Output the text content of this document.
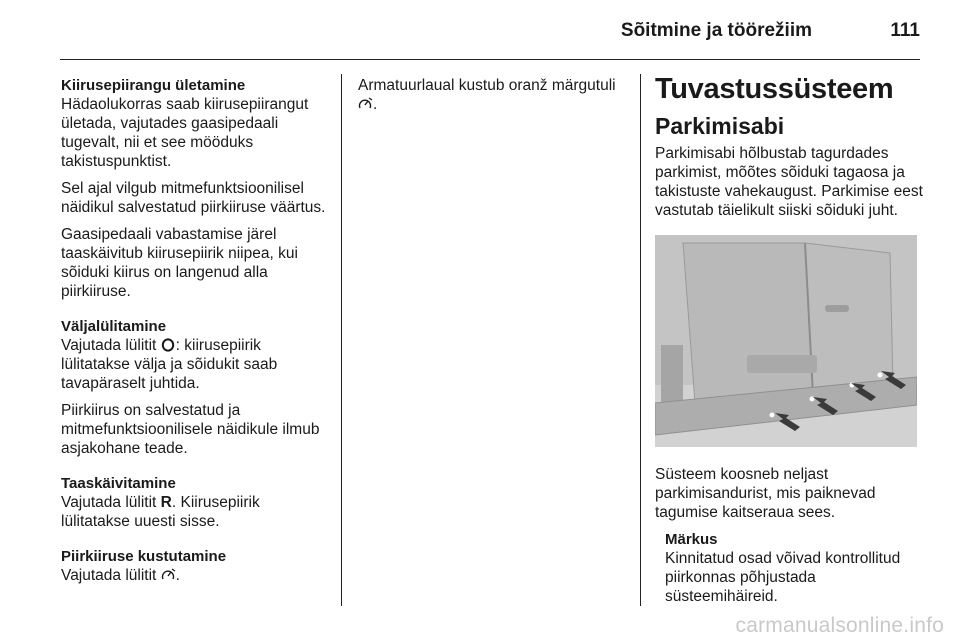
Sõitmine ja töörežiim	111
Kiirusepiirangu ületamine

Hädaolukorras saab kiirusepiirangut ületada, vajutades gaasipedaali tugevalt, nii et see mööduks takistuspunktist.

Sel ajal vilgub mitmefunktsioonilisel näidikul salvestatud piirkiiruse väärtus.

Gaasipedaali vabastamise järel taaskäivitub kiirusepiirik niipea, kui sõiduki kiirus on langenud alla piirkiiruse.

Väljalülitamine

Vajutada lülitit : kiirusepiirik lülitatakse välja ja sõidukit saab tavapäraselt juhtida.

Piirkiirus on salvestatud ja mitmefunktsioonilisele näidikule ilmub asjakohane teade.

Taaskäivitamine

Vajutada lülitit R. Kiirusepiirik lülitatakse uuesti sisse.

Piirkiiruse kustutamine

Vajutada lülitit .

Armatuurlaual kustub oranž märgutuli .	Tuvastussüsteem
Parkimisabi

Parkimisabi hõlbustab tagurdades parkimist, mõõtes sõiduki tagaosa ja takistuste vahekaugust. Parkimise eest vastutab täielikult siiski sõiduki juht.

Süsteem koosneb neljast parkimisandurist, mis paiknevad tagumise kaitseraua sees.

Märkus

Kinnitatud osad võivad kontrollitud piirkonnas põhjustada süsteemihäireid.

carmanualsonline.info
